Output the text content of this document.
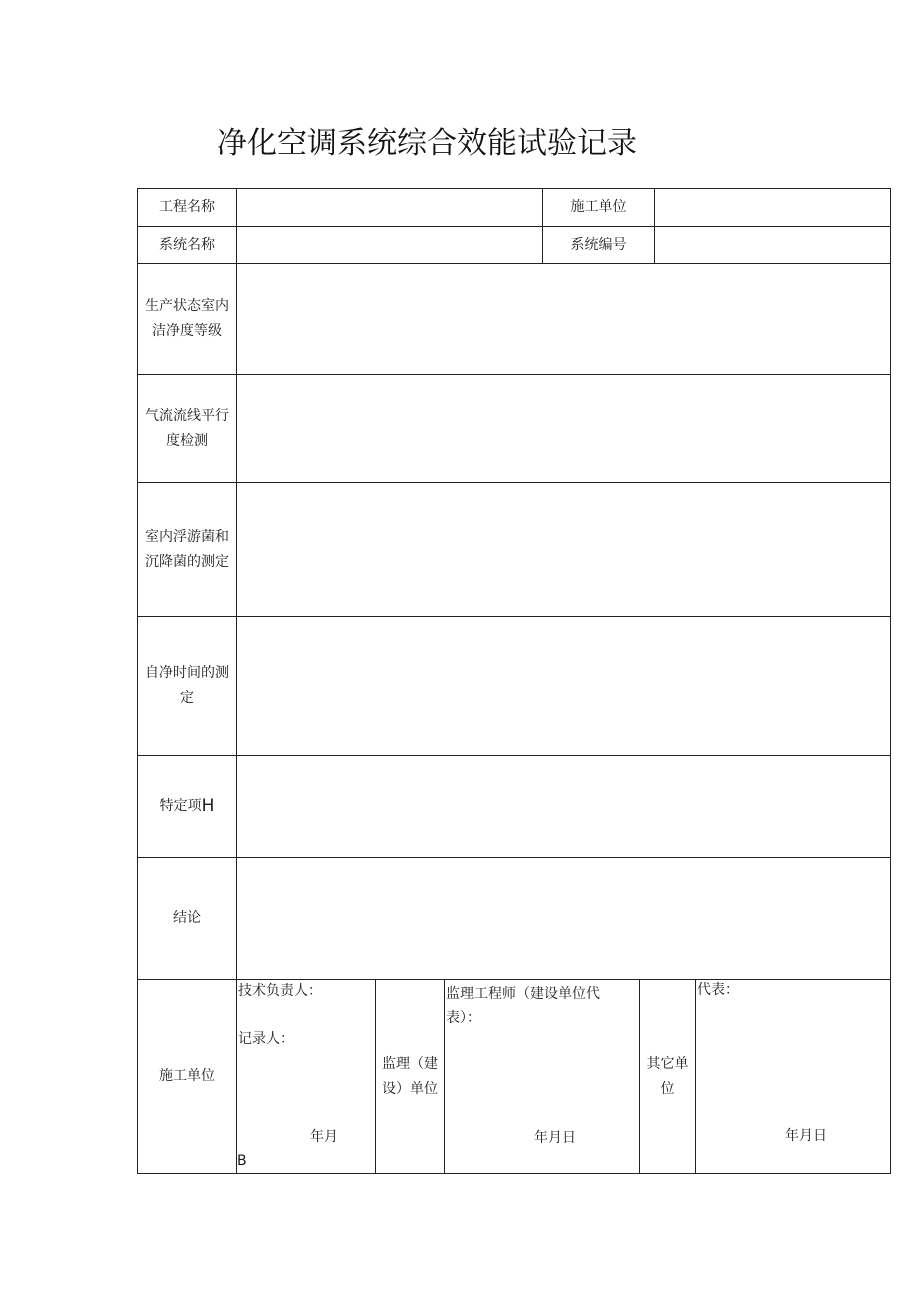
净化空调系统综合效能试验记录
工程名称	施工单位
系统名称	系统编号
生产状态室内
洁净度等级
气流流线平行
度检测
室内浮游菌和
沉降菌的测定
自净时间的测
定
特定项 H
结论
施工单位
技术负责人：
记录人：
年月
B
监理（建
设）单位
监理工程师（建设单位代
表）：
年月日
其它单
位
代表：
年月日
